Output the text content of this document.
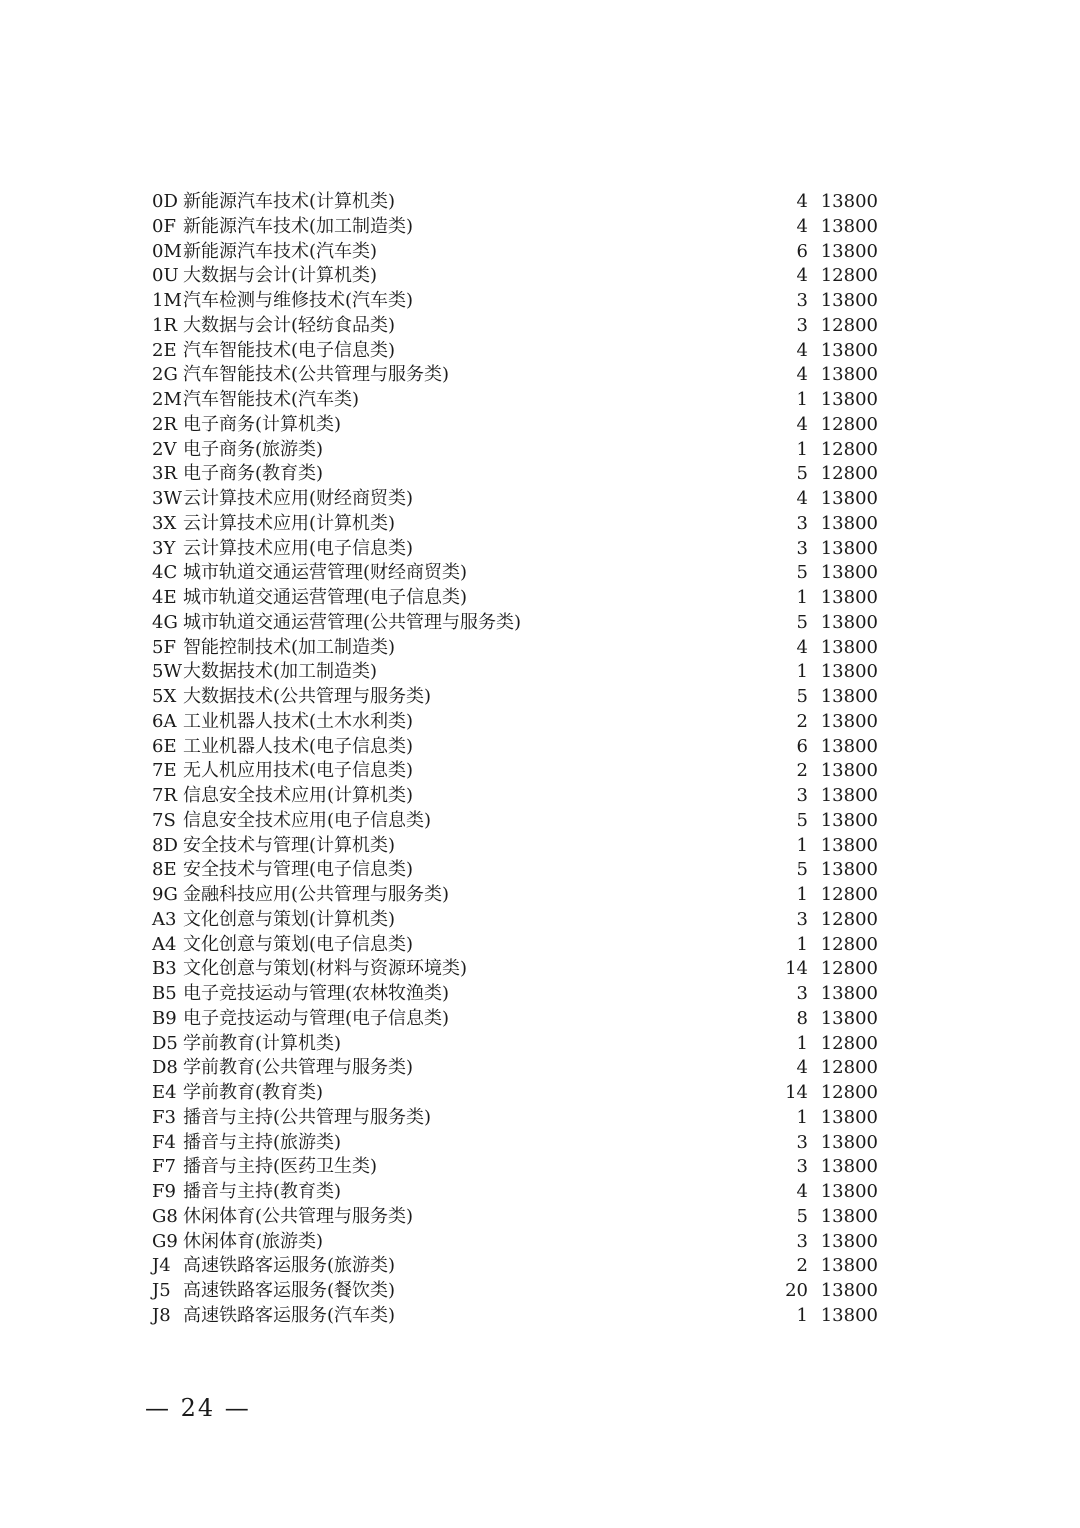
0D 新能源汽车技术(计算机类)	4 13800
0F 新能源汽车技术(加工制造类)	4 13800
0M 新能源汽车技术(汽车类)	6 13800
0U 大数据与会计(计算机类)	4 12800
1M 汽车检测与维修技术(汽车类)	3 13800
1R 大数据与会计(轻纺食品类)	3 12800
2E 汽车智能技术(电子信息类)	4 13800
2G 汽车智能技术(公共管理与服务类)	4 13800
2M 汽车智能技术(汽车类)	1 13800
2R 电子商务(计算机类)	4 12800
2V 电子商务(旅游类)	1 12800
3R 电子商务(教育类)	5 12800
3W 云计算技术应用(财经商贸类)	4 13800
3X 云计算技术应用(计算机类)	3 13800
3Y 云计算技术应用(电子信息类)	3 13800
4C 城市轨道交通运营管理(财经商贸类)	5 13800
4E 城市轨道交通运营管理(电子信息类)	1 13800
4G 城市轨道交通运营管理(公共管理与服务类)	5 13800
5F 智能控制技术(加工制造类)	4 13800
5W 大数据技术(加工制造类)	1 13800
5X 大数据技术(公共管理与服务类)	5 13800
6A 工业机器人技术(土木水利类)	2 13800
6E 工业机器人技术(电子信息类)	6 13800
7E 无人机应用技术(电子信息类)	2 13800
7R 信息安全技术应用(计算机类)	3 13800
7S 信息安全技术应用(电子信息类)	5 13800
8D 安全技术与管理(计算机类)	1 13800
8E 安全技术与管理(电子信息类)	5 13800
9G 金融科技应用(公共管理与服务类)	1 12800
A3 文化创意与策划(计算机类)	3 12800
A4 文化创意与策划(电子信息类)	1 12800
B3 文化创意与策划(材料与资源环境类)	14 12800
B5 电子竞技运动与管理(农林牧渔类)	3 13800
B9 电子竞技运动与管理(电子信息类)	8 13800
D5 学前教育(计算机类)	1 12800
D8 学前教育(公共管理与服务类)	4 12800
E4 学前教育(教育类)	14 12800
F3 播音与主持(公共管理与服务类)	1 13800
F4 播音与主持(旅游类)	3 13800
F7 播音与主持(医药卫生类)	3 13800
F9 播音与主持(教育类)	4 13800
G8 休闲体育(公共管理与服务类)	5 13800
G9 休闲体育(旅游类)	3 13800
J4 高速铁路客运服务(旅游类)	2 13800
J5 高速铁路客运服务(餐饮类)	20 13800
J8 高速铁路客运服务(汽车类)	1 13800
— 24 —
